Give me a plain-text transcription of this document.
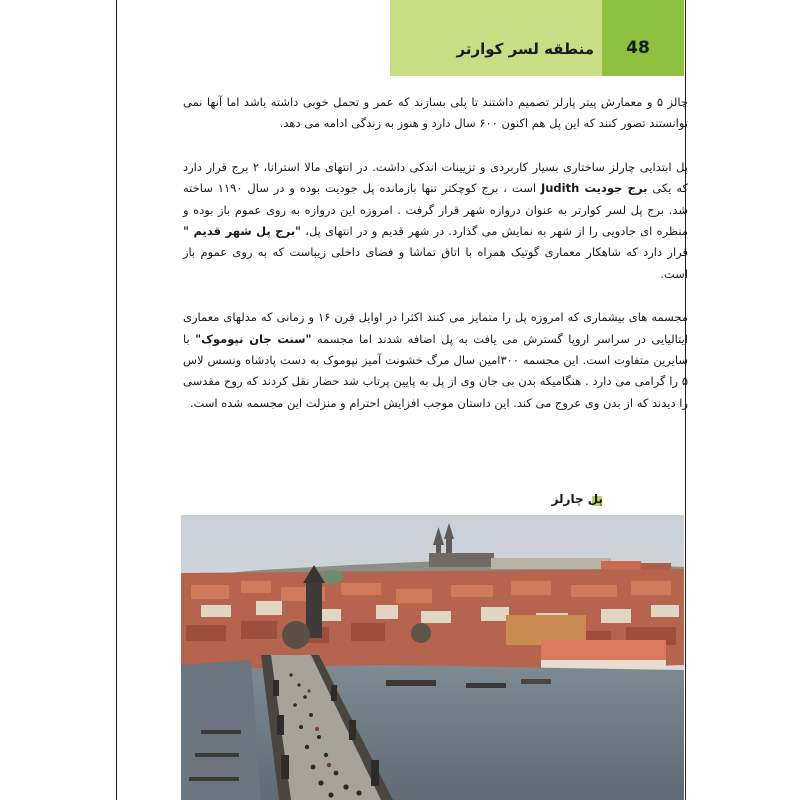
48
منطقه لسر کوارتر

چالز ۵ و معمارش پیتر پارلر تصمیم داشتند تا پلی بسازند که عمر و تحمل خوبی داشته باشد اما آنها نمی توانستند تصور کنند که این پل هم اکنون ۶۰۰ سال دارد و هنوز به زندگی ادامه می دهد.

پل ابتدایی چارلز ساختاری بسیار کاربردی و تزیینات اندکی داشت. در انتهای مالا استرانا، ۲ برج قرار دارد که یکی برج جودیت Judith است ، برج کوچکتر تنها بازمانده پل جودیت بوده و در سال ۱۱۹۰ ساخته شد. برج پل لسر کوارتر به عنوان دروازه شهر قرار گرفت . امروزه این دروازه به روی عموم باز بوده و منظره ای جادویی را از شهر به نمایش می گذارد. در شهر قدیم و در انتهای پل، "برج پل شهر قدیم " قرار دارد که شاهکار معماری گوتیک همراه با اتاق تماشا و فضای داخلی زیباست که به روی عموم باز است.

مجسمه های بیشماری که امروزه پل را متمایز می کنند اکثرا در اوایل قرن ۱۶ و زمانی که مدلهای معماری ایتالیایی در سراسر اروپا گسترش می یافت به پل اضافه شدند اما مجسمه "سنت جان نپوموک" با سایرین متفاوت است. این مجسمه ۳۰۰امین سال مرگ خشونت آمیز نپوموک به دست پادشاه ونسس لاس ۵ را گرامی می دارد . هنگامیکه بدن بی جان وی از پل به پایین پرتاب شد حضار نقل کردند که روح مقدسی را دیدند که از بدن وی عروج می کند. این داستان موجب افزایش احترام و منزلت این مجسمه شده است.

پل چارلز
